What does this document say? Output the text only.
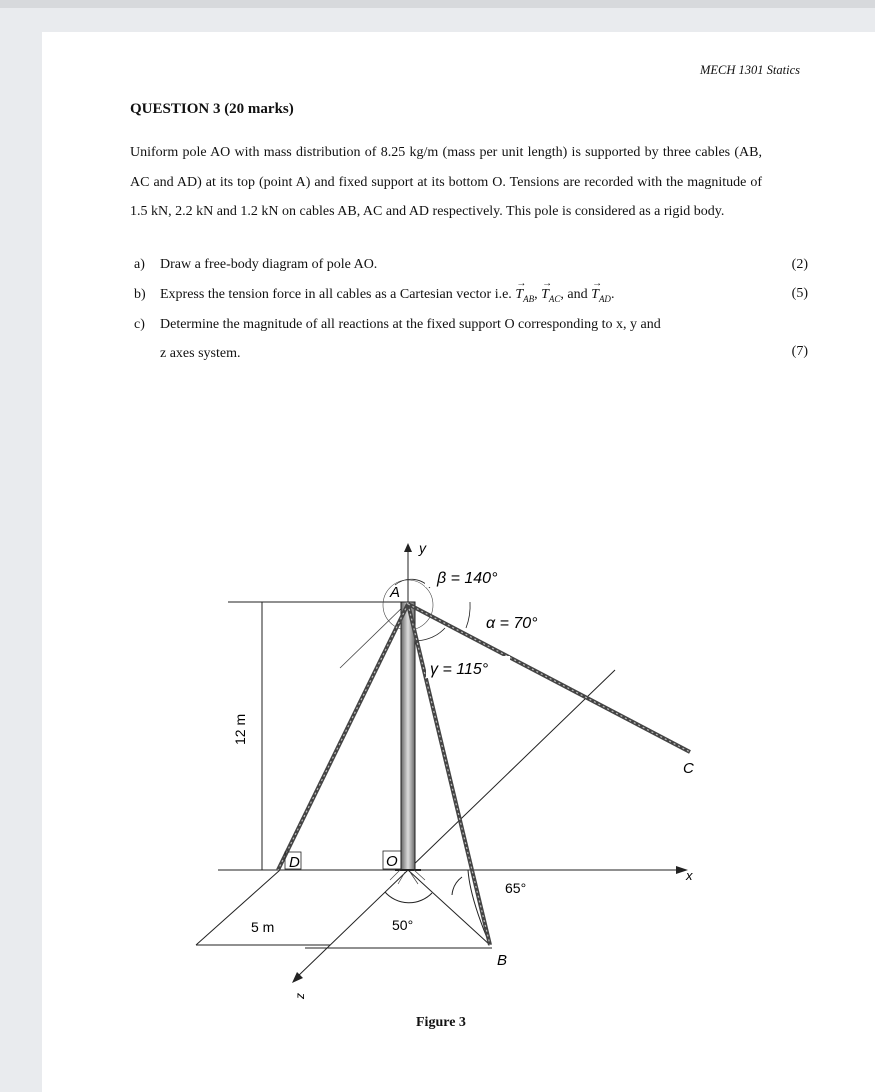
MECH 1301 Statics
QUESTION 3 (20 marks)
Uniform pole AO with mass distribution of 8.25 kg/m (mass per unit length) is supported by three cables (AB, AC and AD) at its top (point A) and fixed support at its bottom O. Tensions are recorded with the magnitude of 1.5 kN, 2.2 kN and 1.2 kN on cables AB, AC and AD respectively. This pole is considered as a rigid body.
a) Draw a free-body diagram of pole AO.	(2)
b) Express the tension force in all cables as a Cartesian vector i.e. → $T_{AB}$, → $T_{AC}$, and → $T_{AD}$.	(5)
c) Determine the magnitude of all reactions at the fixed support O corresponding to x, y and
z axes system.	(7)
12 m
y
x
z
5 m
65°
50°
A
O
D
B
C
β = 140°
α = 70°
γ = 115°
Figure 3
